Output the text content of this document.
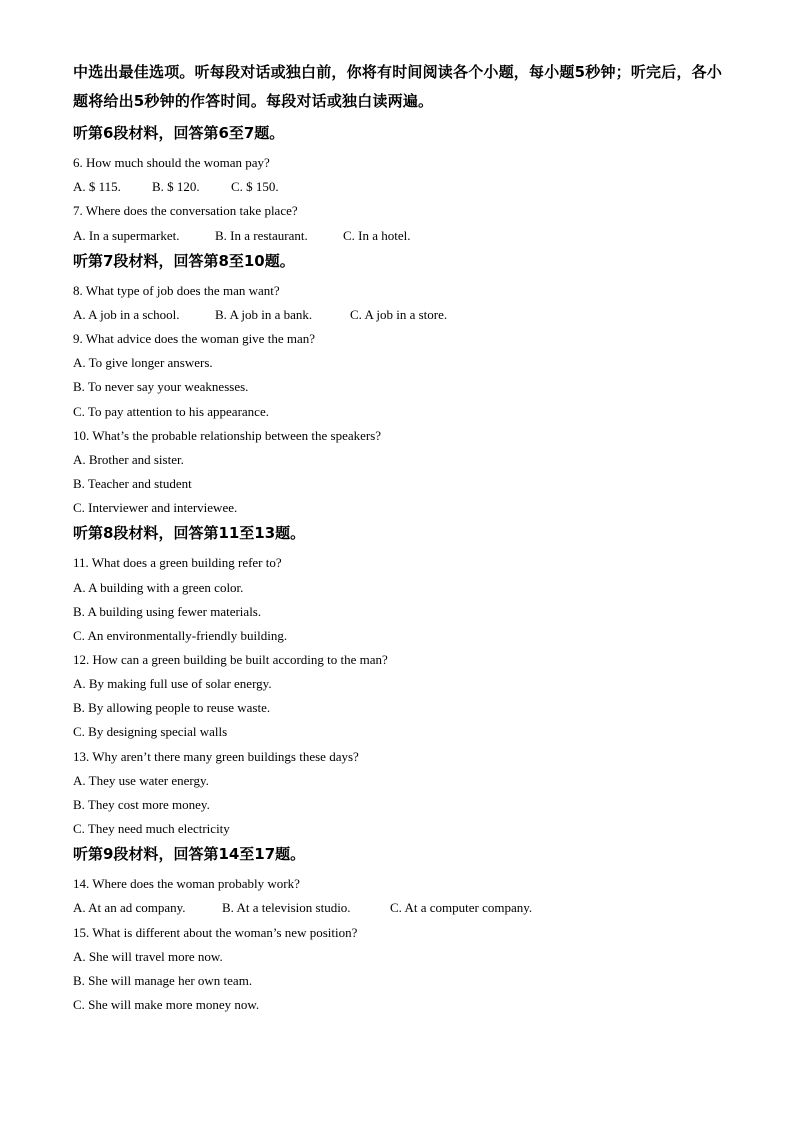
中选出最佳选项。听每段对话或独白前，你将有时间阅读各个小题，每小题5秒钟；听完后，各小题将给出5秒钟的作答时间。每段对话或独白读两遍。

听第6段材料，回答第6至7题。

6. How much should the woman pay?

A. $ 115. B. $ 120. C. $ 150.

7. Where does the conversation take place?

A. In a supermarket.	B. In a restaurant.	C. In a hotel.

听第7段材料，回答第8至10题。

8. What type of job does the man want?

A. A job in a school.	B. A job in a bank.	C. A job in a store.

9. What advice does the woman give the man?

A. To give longer answers.

B. To never say your weaknesses.

C. To pay attention to his appearance.

10. What’s the probable relationship between the speakers?

A. Brother and sister.

B. Teacher and student

C. Interviewer and interviewee.

听第8段材料，回答第11至13题。

11. What does a green building refer to?

A. A building with a green color.

B. A building using fewer materials.

C. An environmentally-friendly building.

12. How can a green building be built according to the man?

A. By making full use of solar energy.

B. By allowing people to reuse waste.

C. By designing special walls

13. Why aren’t there many green buildings these days?

A. They use water energy.

B. They cost more money.

C. They need much electricity

听第9段材料，回答第14至17题。

14. Where does the woman probably work?

A. At an ad company.	B. At a television studio.	C. At a computer company.

15. What is different about the woman’s new position?

A. She will travel more now.

B. She will manage her own team.

C. She will make more money now.
